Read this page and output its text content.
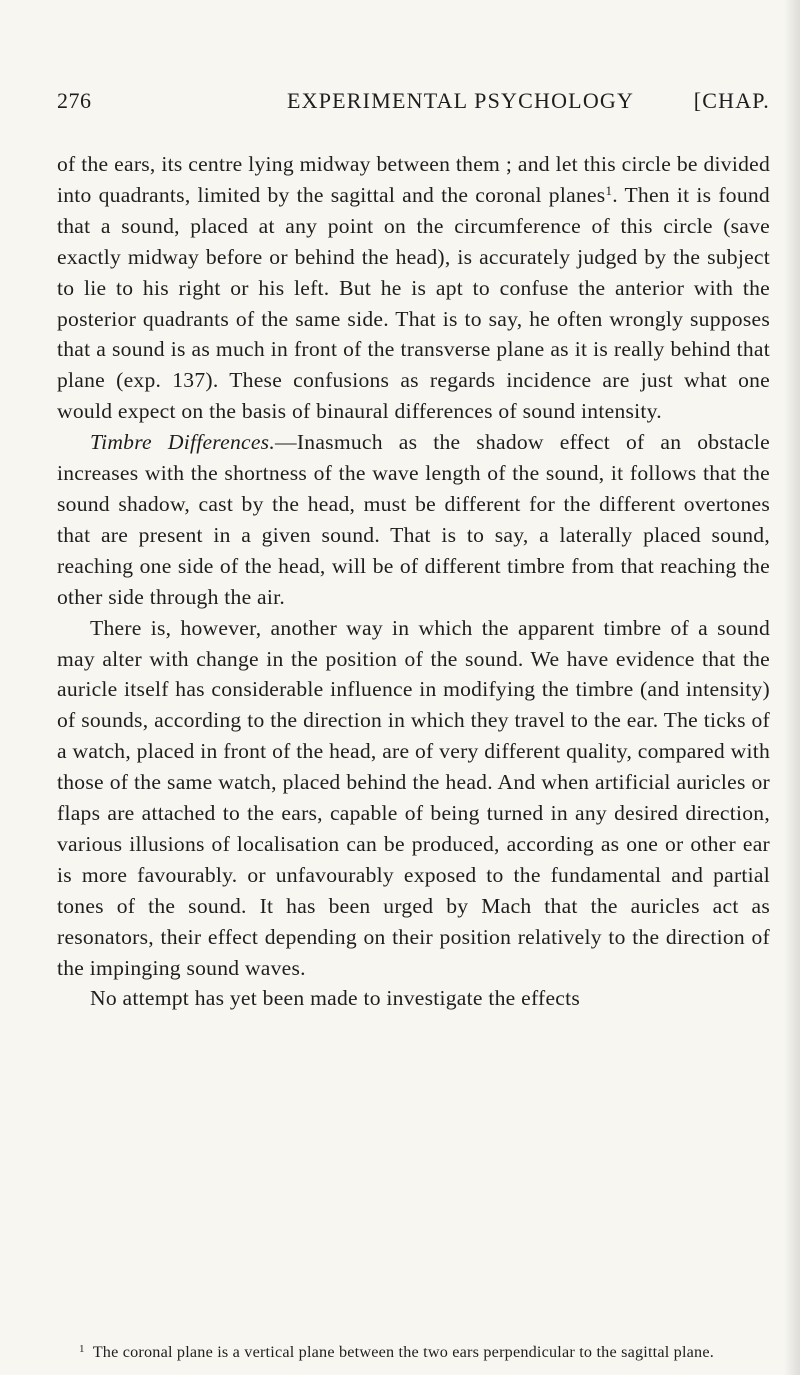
276	EXPERIMENTAL PSYCHOLOGY	[CHAP.

of the ears, its centre lying midway between them ; and let this circle be divided into quadrants, limited by the sagittal and the coronal planes$^1$. Then it is found that a sound, placed at any point on the circumference of this circle (save exactly midway before or behind the head), is accurately judged by the subject to lie to his right or his left. But he is apt to confuse the anterior with the posterior quadrants of the same side. That is to say, he often wrongly supposes that a sound is as much in front of the transverse plane as it is really behind that plane (exp. 137). These confusions as regards incidence are just what one would expect on the basis of binaural differences of sound intensity.

Timbre Differences.—Inasmuch as the shadow effect of an obstacle increases with the shortness of the wave length of the sound, it follows that the sound shadow, cast by the head, must be different for the different overtones that are present in a given sound. That is to say, a laterally placed sound, reaching one side of the head, will be of different timbre from that reaching the other side through the air.

There is, however, another way in which the apparent timbre of a sound may alter with change in the position of the sound. We have evidence that the auricle itself has considerable influence in modifying the timbre (and intensity) of sounds, according to the direction in which they travel to the ear. The ticks of a watch, placed in front of the head, are of very different quality, compared with those of the same watch, placed behind the head. And when artificial auricles or flaps are attached to the ears, capable of being turned in any desired direction, various illusions of localisation can be produced, according as one or other ear is more favourably. or unfavourably exposed to the fundamental and partial tones of the sound. It has been urged by Mach that the auricles act as resonators, their effect depending on their position relatively to the direction of the impinging sound waves.

No attempt has yet been made to investigate the effects

$^1$ The coronal plane is a vertical plane between the two ears perpendicular to the sagittal plane.
